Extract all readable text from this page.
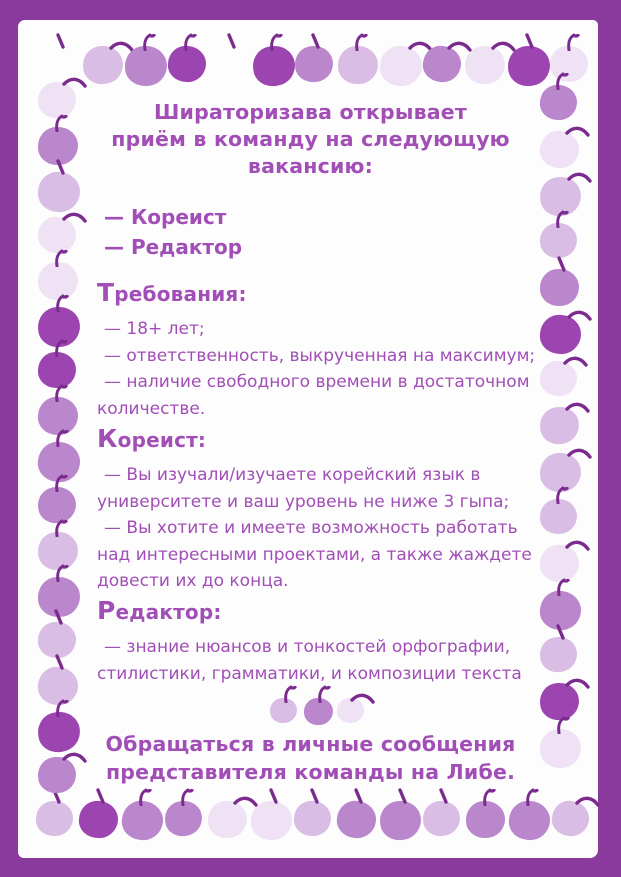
Шираторизава открывает
приём в команду на следующую
вакансию:
— Кореист
— Редактор
Требования:
— 18+ лет;
— ответственность, выкрученная на максимум;
— наличие свободного времени в достаточном
количестве.
Кореист:
— Вы изучали/изучаете корейский язык в
университете и ваш уровень не ниже 3 гыпа;
— Вы хотите и имеете возможность работать
над интересными проектами, а также жаждете
довести их до конца.
Редактор:
— знание нюансов и тонкостей орфографии,
стилистики, грамматики, и композиции текста
Обращаться в личные сообщения
представителя команды на Либе.
